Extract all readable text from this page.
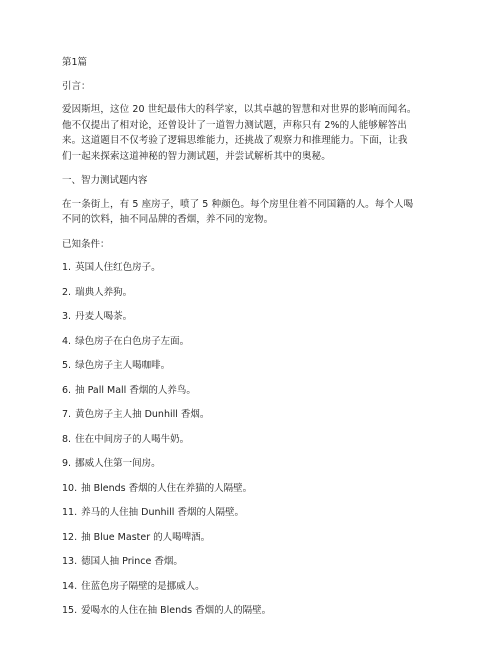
第1篇
引言：
爱因斯坦，这位 20 世纪最伟大的科学家，以其卓越的智慧和对世界的影响而闻名。
他不仅提出了相对论，还曾设计了一道智力测试题，声称只有 2%的人能够解答出
来。这道题目不仅考验了逻辑思维能力，还挑战了观察力和推理能力。下面，让我
们一起来探索这道神秘的智力测试题，并尝试解析其中的奥秘。
一、智力测试题内容
在一条街上，有 5 座房子，喷了 5 种颜色。每个房里住着不同国籍的人。每个人喝
不同的饮料，抽不同品牌的香烟，养不同的宠物。
已知条件：
1. 英国人住红色房子。
2. 瑞典人养狗。
3. 丹麦人喝茶。
4. 绿色房子在白色房子左面。
5. 绿色房子主人喝咖啡。
6. 抽 Pall Mall 香烟的人养鸟。
7. 黄色房子主人抽 Dunhill 香烟。
8. 住在中间房子的人喝牛奶。
9. 挪威人住第一间房。
10. 抽 Blends 香烟的人住在养猫的人隔壁。
11. 养马的人住抽 Dunhill 香烟的人隔壁。
12. 抽 Blue Master 的人喝啤酒。
13. 德国人抽 Prince 香烟。
14. 住蓝色房子隔壁的是挪威人。
15. 爱喝水的人住在抽 Blends 香烟的人的隔壁。
